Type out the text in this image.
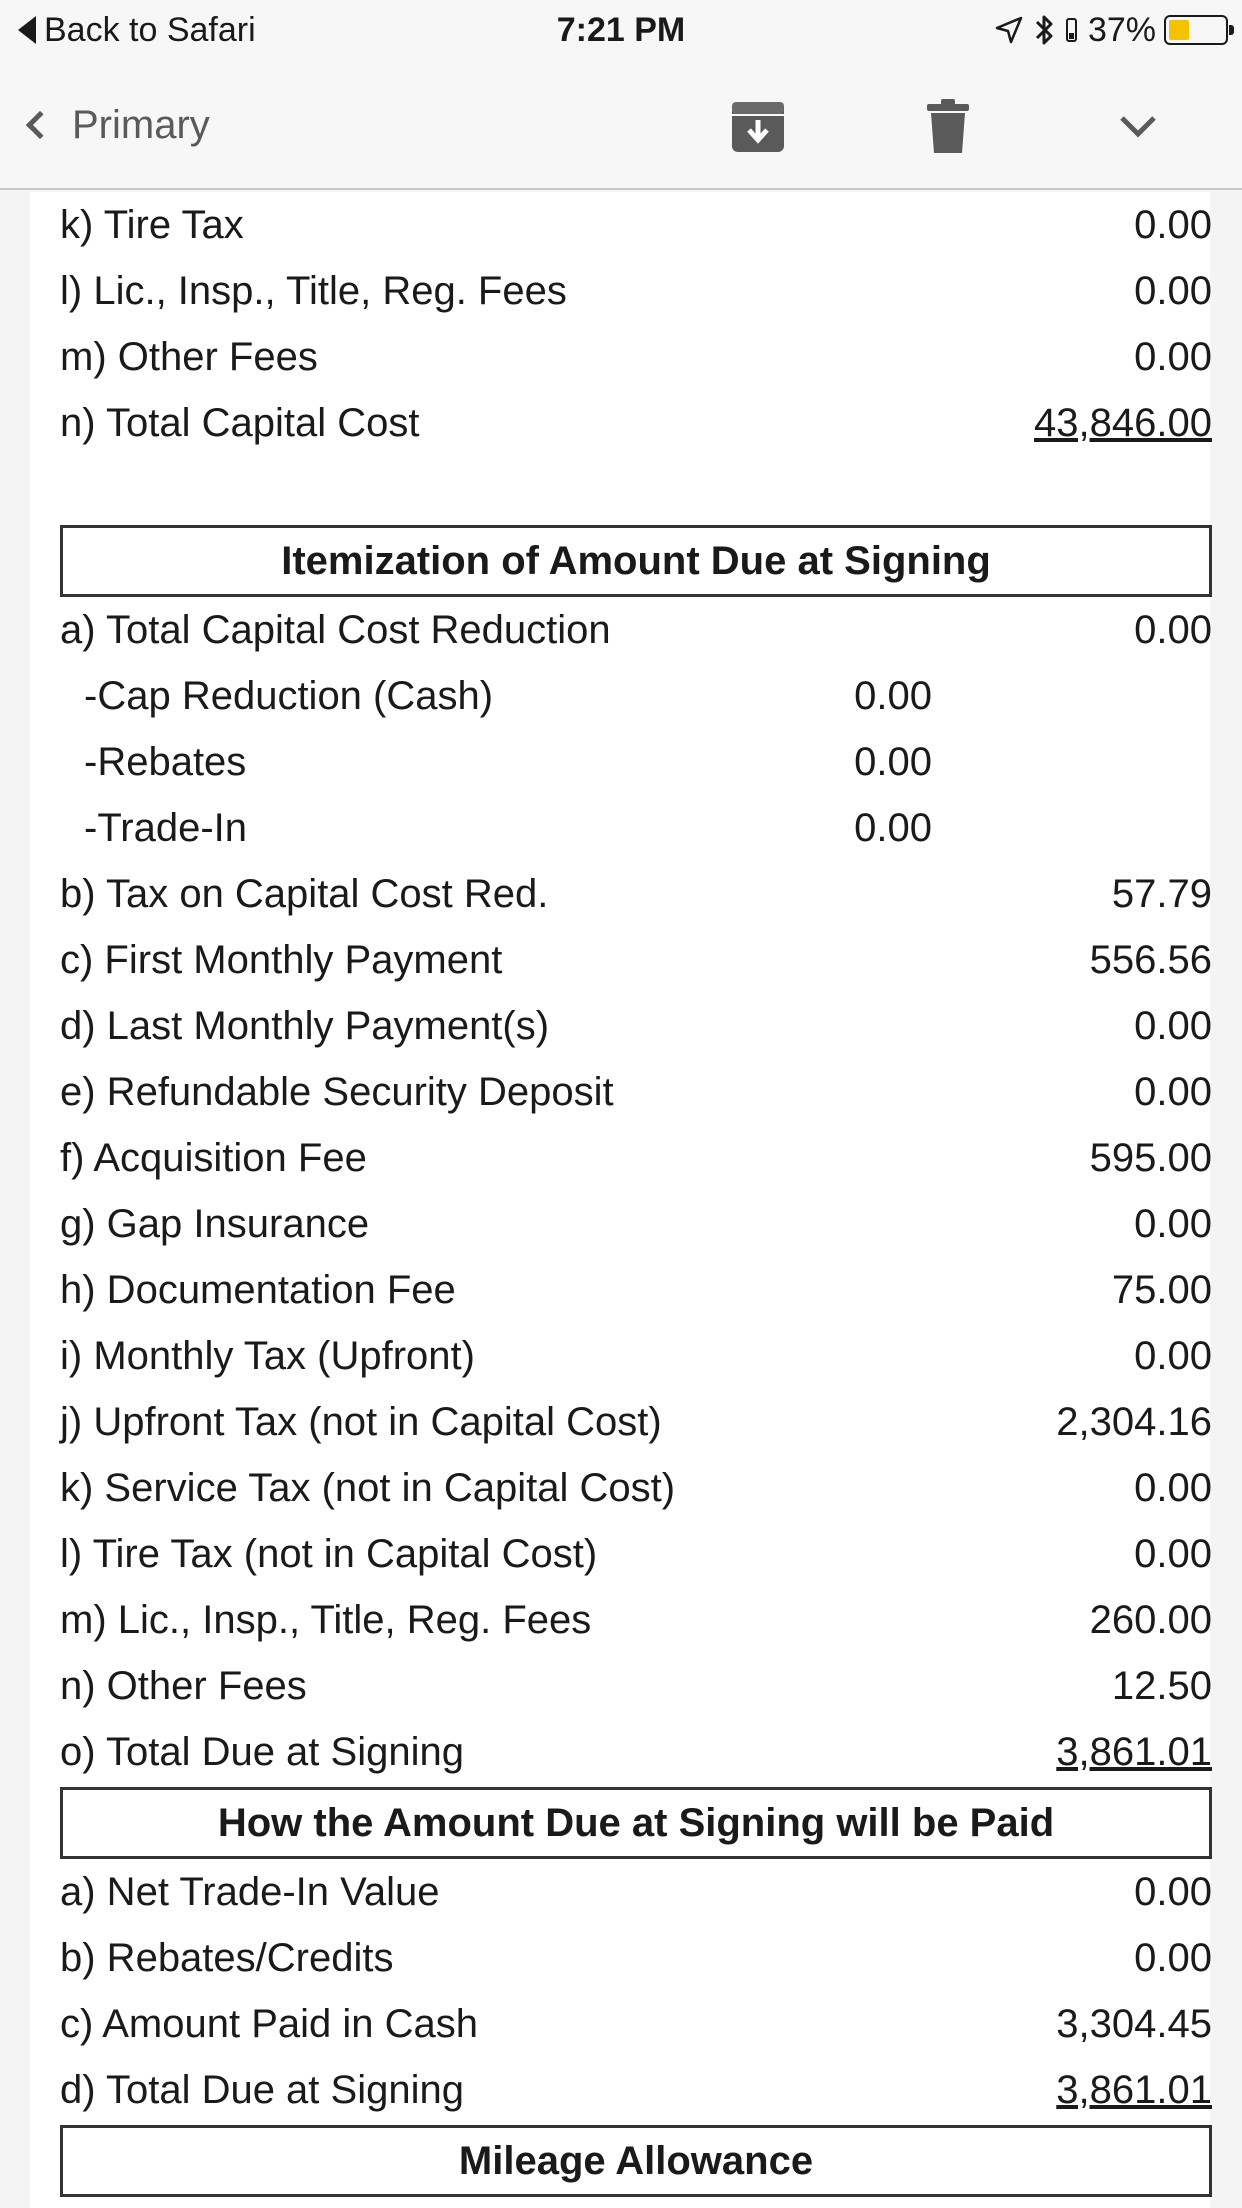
Back to Safari	7:21 PM	37%
Primary
k) Tire Tax	0.00
l) Lic., Insp., Title, Reg. Fees	0.00
m) Other Fees	0.00
n) Total Capital Cost	43,846.00
Itemization of Amount Due at Signing
a) Total Capital Cost Reduction	0.00
-Cap Reduction (Cash)	0.00
-Rebates	0.00
-Trade-In	0.00
b) Tax on Capital Cost Red.	57.79
c) First Monthly Payment	556.56
d) Last Monthly Payment(s)	0.00
e) Refundable Security Deposit	0.00
f) Acquisition Fee	595.00
g) Gap Insurance	0.00
h) Documentation Fee	75.00
i) Monthly Tax (Upfront)	0.00
j) Upfront Tax (not in Capital Cost)	2,304.16
k) Service Tax (not in Capital Cost)	0.00
l) Tire Tax (not in Capital Cost)	0.00
m) Lic., Insp., Title, Reg. Fees	260.00
n) Other Fees	12.50
o) Total Due at Signing	3,861.01
How the Amount Due at Signing will be Paid
a) Net Trade-In Value	0.00
b) Rebates/Credits	0.00
c) Amount Paid in Cash	3,304.45
d) Total Due at Signing	3,861.01
Mileage Allowance
